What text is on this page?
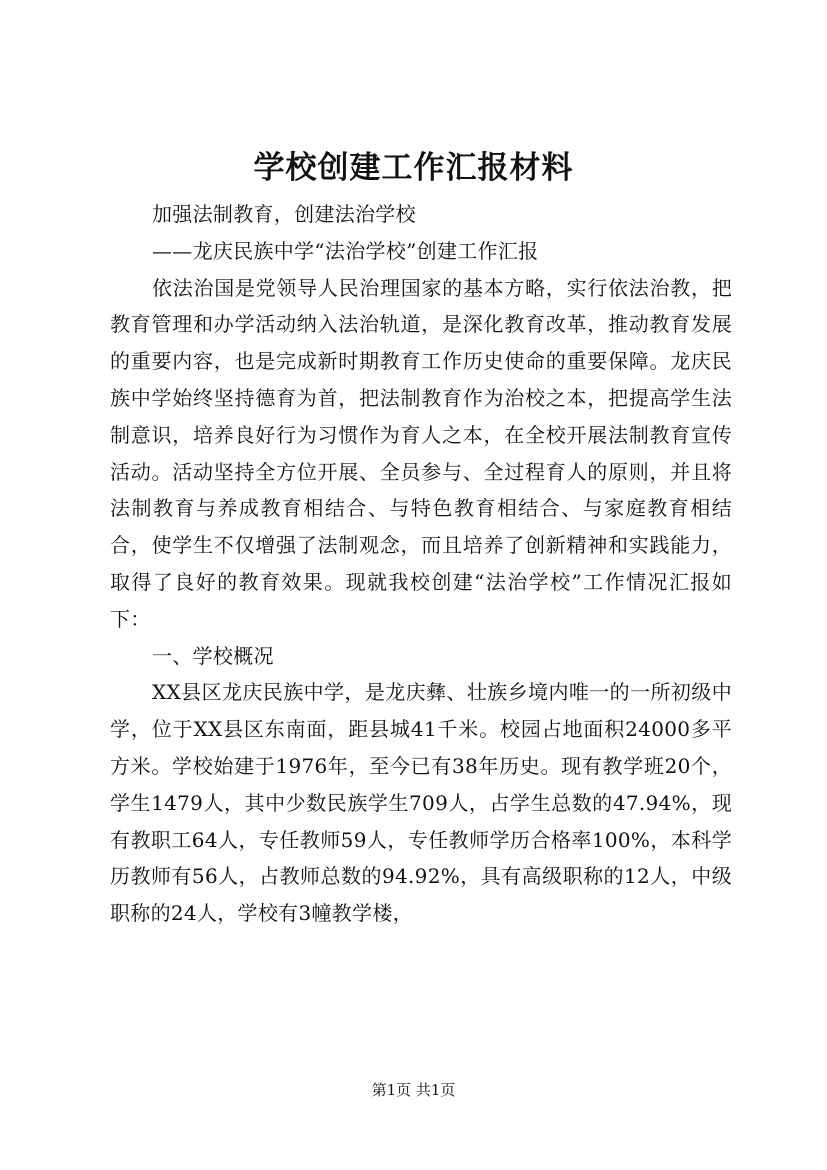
学校创建工作汇报材料

加强法制教育，创建法治学校

——龙庆民族中学“法治学校”创建工作汇报

依法治国是党领导人民治理国家的基本方略，实行依法治教，把教育管理和办学活动纳入法治轨道，是深化教育改革，推动教育发展的重要内容，也是完成新时期教育工作历史使命的重要保障。龙庆民族中学始终坚持德育为首，把法制教育作为治校之本，把提高学生法制意识，培养良好行为习惯作为育人之本，在全校开展法制教育宣传活动。活动坚持全方位开展、全员参与、全过程育人的原则，并且将法制教育与养成教育相结合、与特色教育相结合、与家庭教育相结合，使学生不仅增强了法制观念，而且培养了创新精神和实践能力，取得了良好的教育效果。现就我校创建“法治学校”工作情况汇报如下：

一、学校概况

XX县区龙庆民族中学，是龙庆彝、壮族乡境内唯一的一所初级中学，位于XX县区东南面，距县城41千米。校园占地面积24000多平方米。学校始建于1976年，至今已有38年历史。现有教学班20个，学生1479人，其中少数民族学生709人，占学生总数的47.94%，现有教职工64人，专任教师59人，专任教师学历合格率100%，本科学历教师有56人，占教师总数的94.92%，具有高级职称的12人，中级职称的24人，学校有3幢教学楼，

第1页 共1页
